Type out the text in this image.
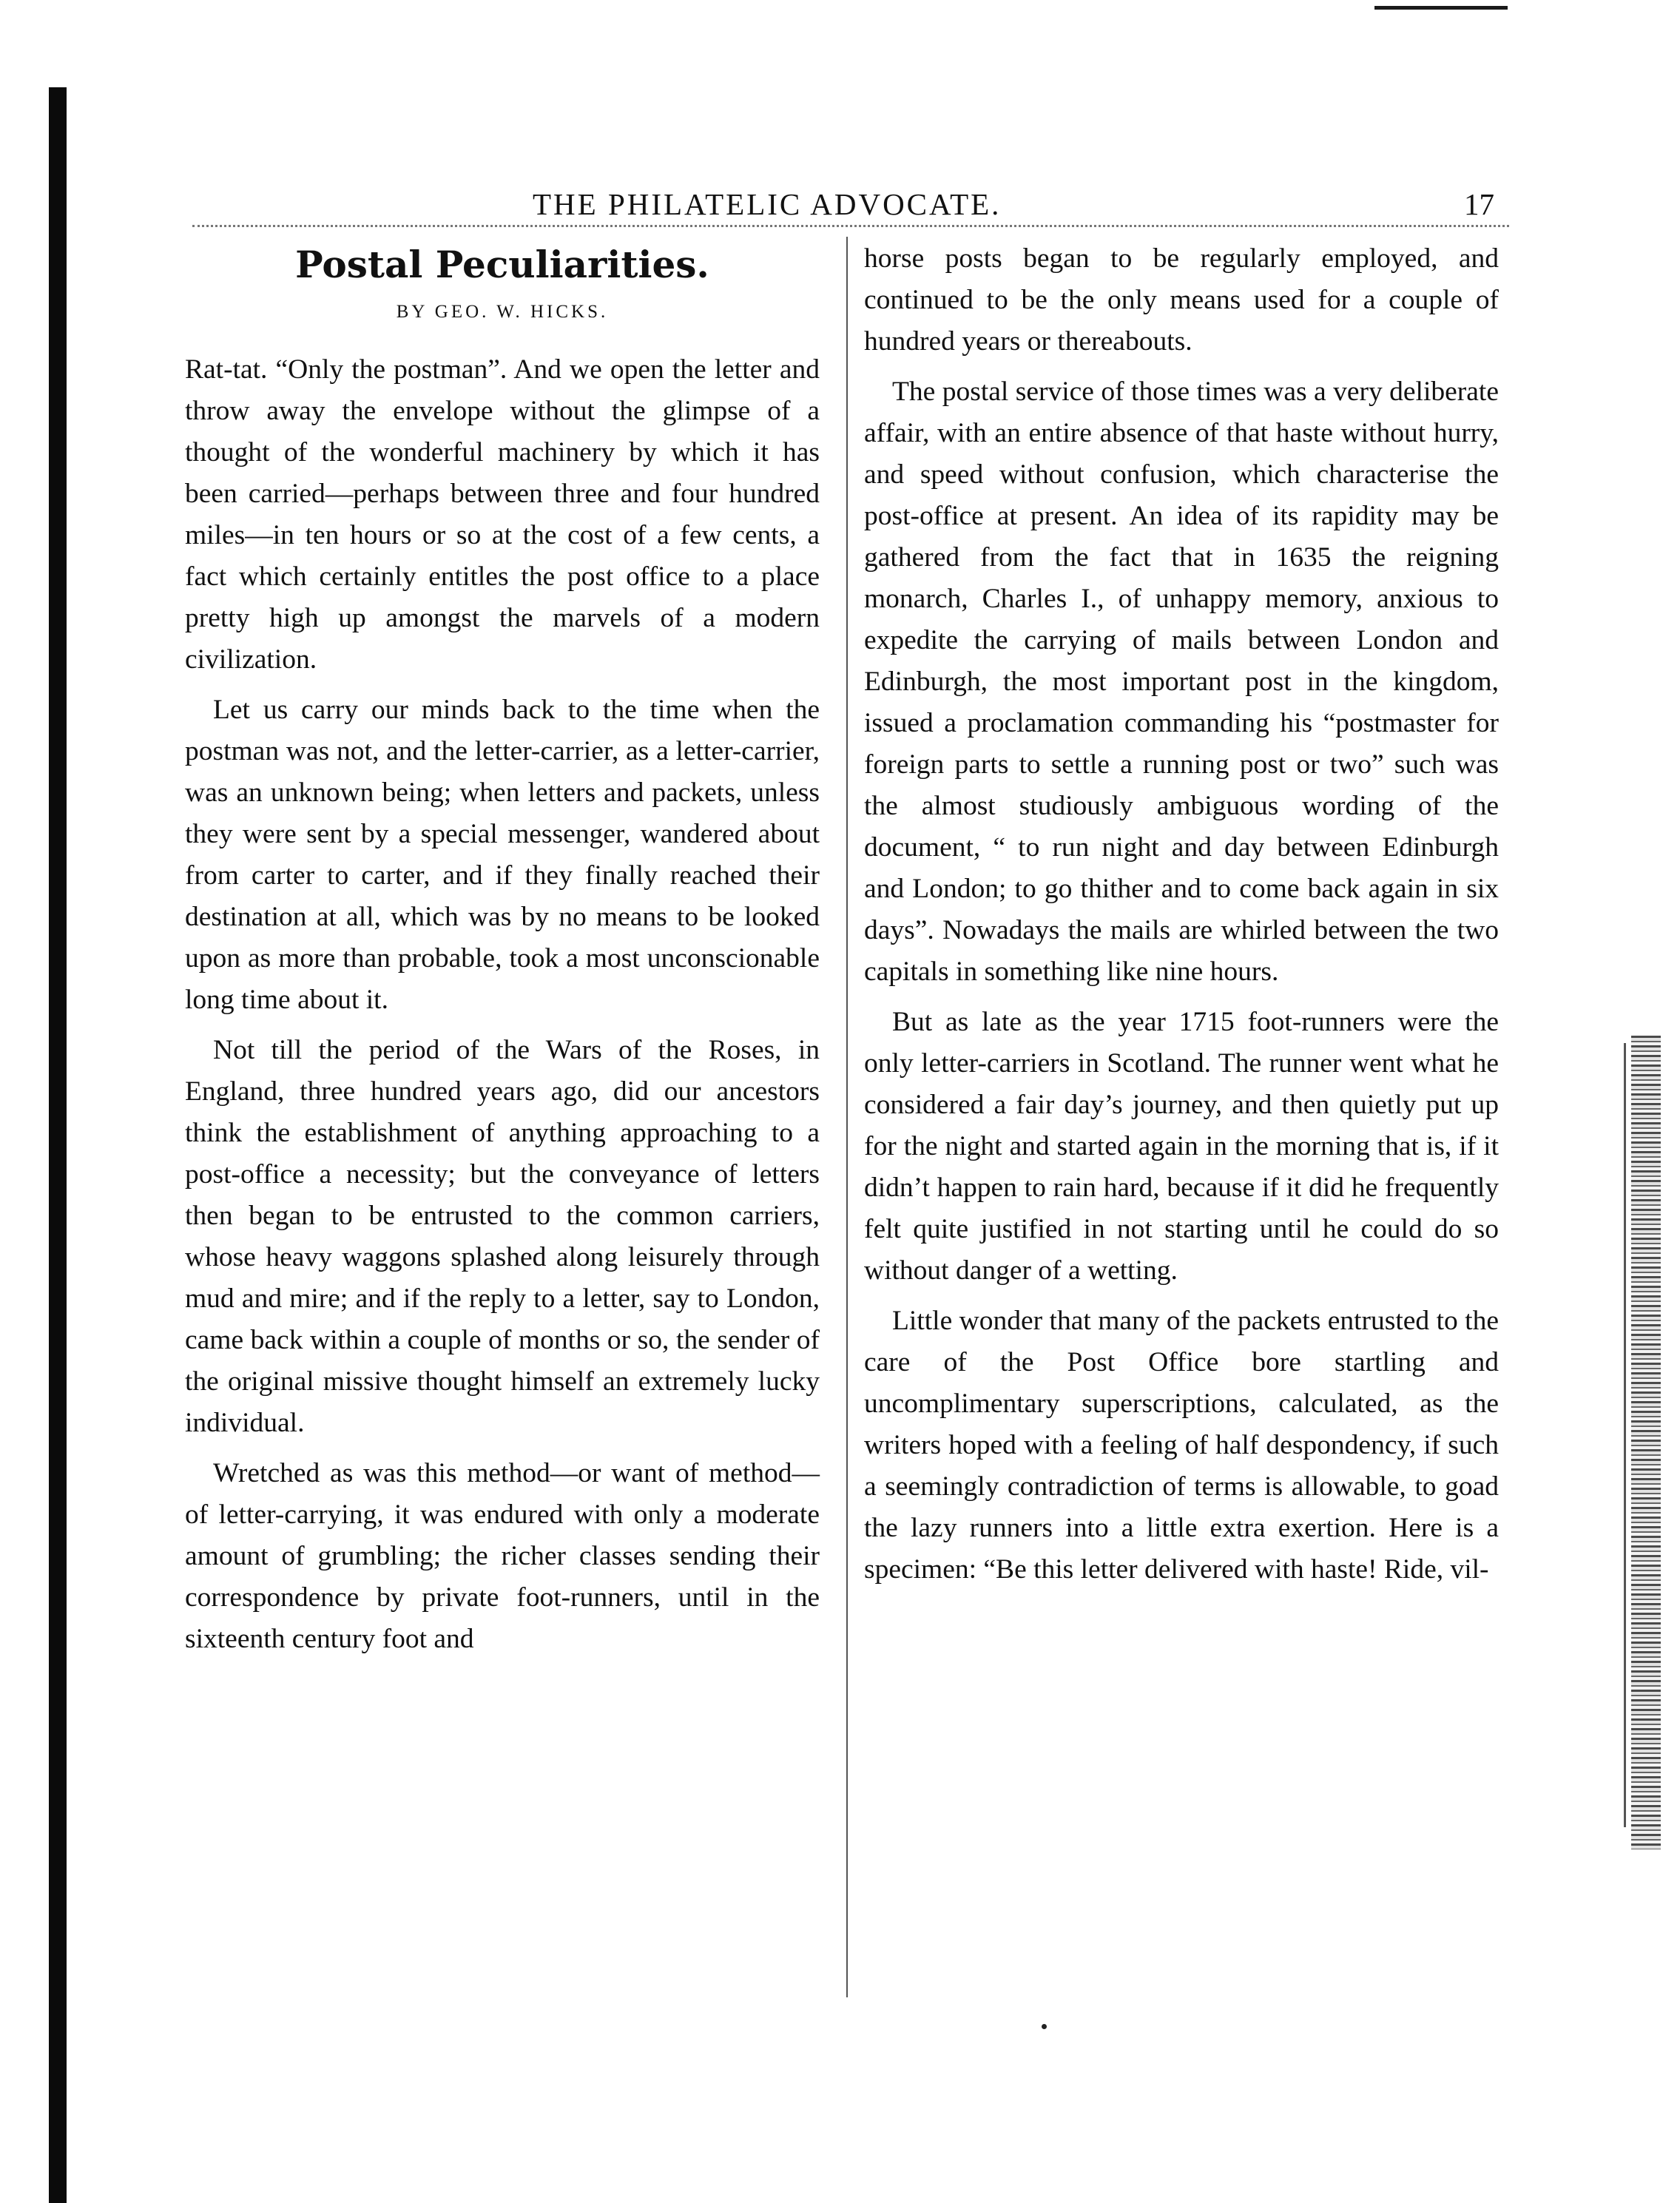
THE PHILATELIC ADVOCATE.	17
Postal Peculiarities.
BY GEO. W. HICKS.

Rat-tat. “Only the postman”. And we open the letter and throw away the envelope without the glimpse of a thought of the wonderful machinery by which it has been carried—perhaps between three and four hundred miles—in ten hours or so at the cost of a few cents, a fact which certainly entitles the post office to a place pretty high up amongst the marvels of a modern civilization.

Let us carry our minds back to the time when the postman was not, and the letter-carrier, as a letter-carrier, was an unknown being; when letters and packets, unless they were sent by a special messenger, wandered about from carter to carter, and if they finally reached their destination at all, which was by no means to be looked upon as more than probable, took a most unconscionable long time about it.

Not till the period of the Wars of the Roses, in England, three hundred years ago, did our ancestors think the establishment of anything approaching to a post-office a necessity; but the conveyance of letters then began to be entrusted to the common carriers, whose heavy waggons splashed along leisurely through mud and mire; and if the reply to a letter, say to London, came back within a couple of months or so, the sender of the original missive thought himself an extremely lucky individual.

Wretched as was this method—or want of method—of letter-carrying, it was endured with only a moderate amount of grumbling; the richer classes sending their correspondence by private foot-runners, until in the sixteenth century foot and

horse posts began to be regularly employed, and continued to be the only means used for a couple of hundred years or thereabouts.

The postal service of those times was a very deliberate affair, with an entire absence of that haste without hurry, and speed without confusion, which characterise the post-office at present. An idea of its rapidity may be gathered from the fact that in 1635 the reigning monarch, Charles I., of unhappy memory, anxious to expedite the carrying of mails between London and Edinburgh, the most important post in the kingdom, issued a proclamation commanding his “postmaster for foreign parts to settle a running post or two” such was the almost studiously ambiguous wording of the document, “ to run night and day between Edinburgh and London; to go thither and to come back again in six days”. Nowadays the mails are whirled between the two capitals in something like nine hours.

But as late as the year 1715 foot-runners were the only letter-carriers in Scotland. The runner went what he considered a fair day’s journey, and then quietly put up for the night and started again in the morning that is, if it didn’t happen to rain hard, because if it did he frequently felt quite justified in not starting until he could do so without danger of a wetting.

Little wonder that many of the packets entrusted to the care of the Post Office bore startling and uncomplimentary superscriptions, calculated, as the writers hoped with a feeling of half despondency, if such a seemingly contradiction of terms is allowable, to goad the lazy runners into a little extra exertion. Here is a specimen: “Be this letter delivered with haste! Ride, vil-
